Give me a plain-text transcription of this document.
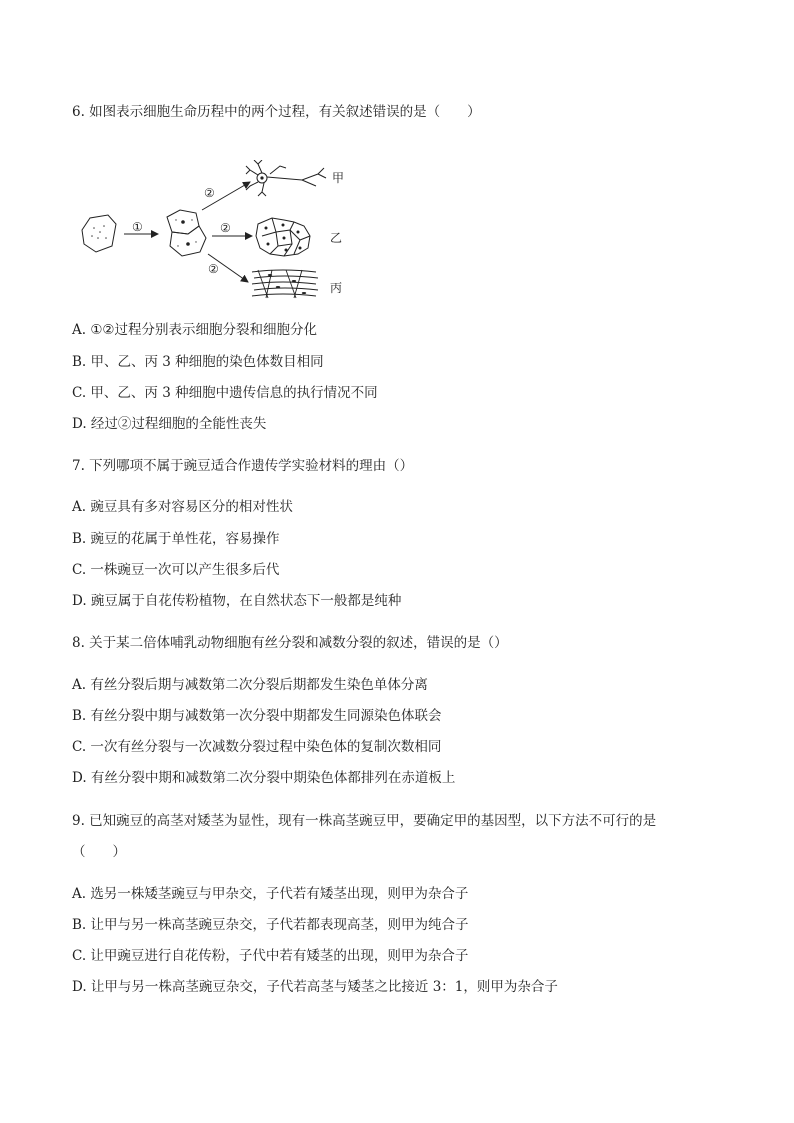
6. 如图表示细胞生命历程中的两个过程，有关叙述错误的是（　　）
①
②
②
②
甲
乙
丙
A. ①②过程分别表示细胞分裂和细胞分化
B. 甲、乙、丙 3 种细胞的染色体数目相同
C. 甲、乙、丙 3 种细胞中遗传信息的执行情况不同
D. 经过②过程细胞的全能性丧失
7. 下列哪项不属于豌豆适合作遗传学实验材料的理由（）
A. 豌豆具有多对容易区分的相对性状
B. 豌豆的花属于单性花，容易操作
C. 一株豌豆一次可以产生很多后代
D. 豌豆属于自花传粉植物，在自然状态下一般都是纯种
8. 关于某二倍体哺乳动物细胞有丝分裂和减数分裂的叙述，错误的是（）
A. 有丝分裂后期与减数第二次分裂后期都发生染色单体分离
B. 有丝分裂中期与减数第一次分裂中期都发生同源染色体联会
C. 一次有丝分裂与一次减数分裂过程中染色体的复制次数相同
D. 有丝分裂中期和减数第二次分裂中期染色体都排列在赤道板上
9. 已知豌豆的高茎对矮茎为显性，现有一株高茎豌豆甲，要确定甲的基因型，以下方法不可行的是
（　　）
A. 选另一株矮茎豌豆与甲杂交，子代若有矮茎出现，则甲为杂合子
B. 让甲与另一株高茎豌豆杂交，子代若都表现高茎，则甲为纯合子
C. 让甲豌豆进行自花传粉，子代中若有矮茎的出现，则甲为杂合子
D. 让甲与另一株高茎豌豆杂交，子代若高茎与矮茎之比接近 3：1，则甲为杂合子
